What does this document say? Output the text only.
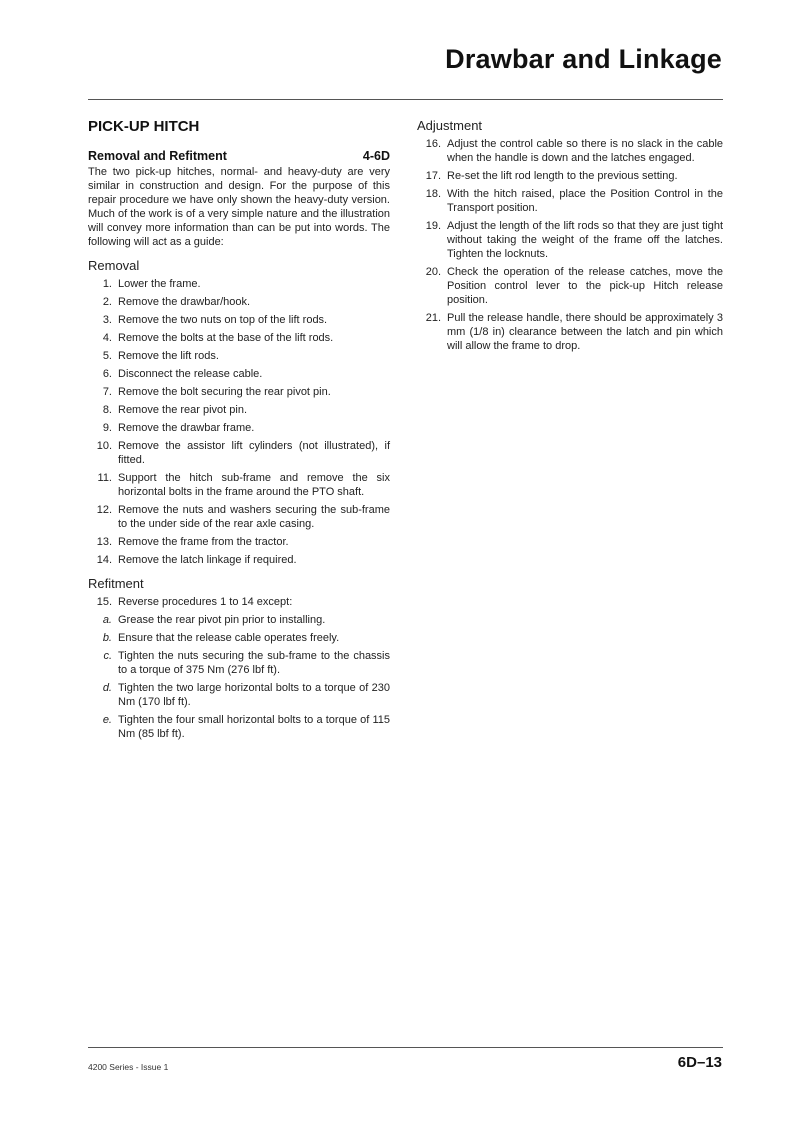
Drawbar and Linkage
PICK-UP HITCH
Removal and Refitment	4-6D

The two pick-up hitches, normal- and heavy-duty are very similar in construction and design. For the purpose of this repair procedure we have only shown the heavy-duty version. Much of the work is of a very simple nature and the illustration will convey more information than can be put into words. The following will act as a guide:

Removal
1. Lower the frame.
2. Remove the drawbar/hook.
3. Remove the two nuts on top of the lift rods.
4. Remove the bolts at the base of the lift rods.
5. Remove the lift rods.
6. Disconnect the release cable.
7. Remove the bolt securing the rear pivot pin.
8. Remove the rear pivot pin.
9. Remove the drawbar frame.
10. Remove the assistor lift cylinders (not illustrated), if fitted.
11. Support the hitch sub-frame and remove the six horizontal bolts in the frame around the PTO shaft.
12. Remove the nuts and washers securing the sub-frame to the under side of the rear axle casing.
13. Remove the frame from the tractor.
14. Remove the latch linkage if required.
Refitment
15. Reverse procedures 1 to 14 except:
a. Grease the rear pivot pin prior to installing.
b. Ensure that the release cable operates freely.
c. Tighten the nuts securing the sub-frame to the chassis to a torque of 375 Nm (276 lbf ft).
d. Tighten the two large horizontal bolts to a torque of 230 Nm (170 lbf ft).
e. Tighten the four small horizontal bolts to a torque of 115 Nm (85 lbf ft).
Adjustment
16. Adjust the control cable so there is no slack in the cable when the handle is down and the latches engaged.
17. Re-set the lift rod length to the previous setting.
18. With the hitch raised, place the Position Control in the Transport position.
19. Adjust the length of the lift rods so that they are just tight without taking the weight of the frame off the latches. Tighten the locknuts.
20. Check the operation of the release catches, move the Position control lever to the pick-up Hitch release position.
21. Pull the release handle, there should be approximately 3 mm (1/8 in) clearance between the latch and pin which will allow the frame to drop.
4200 Series - Issue 1	6D–13
